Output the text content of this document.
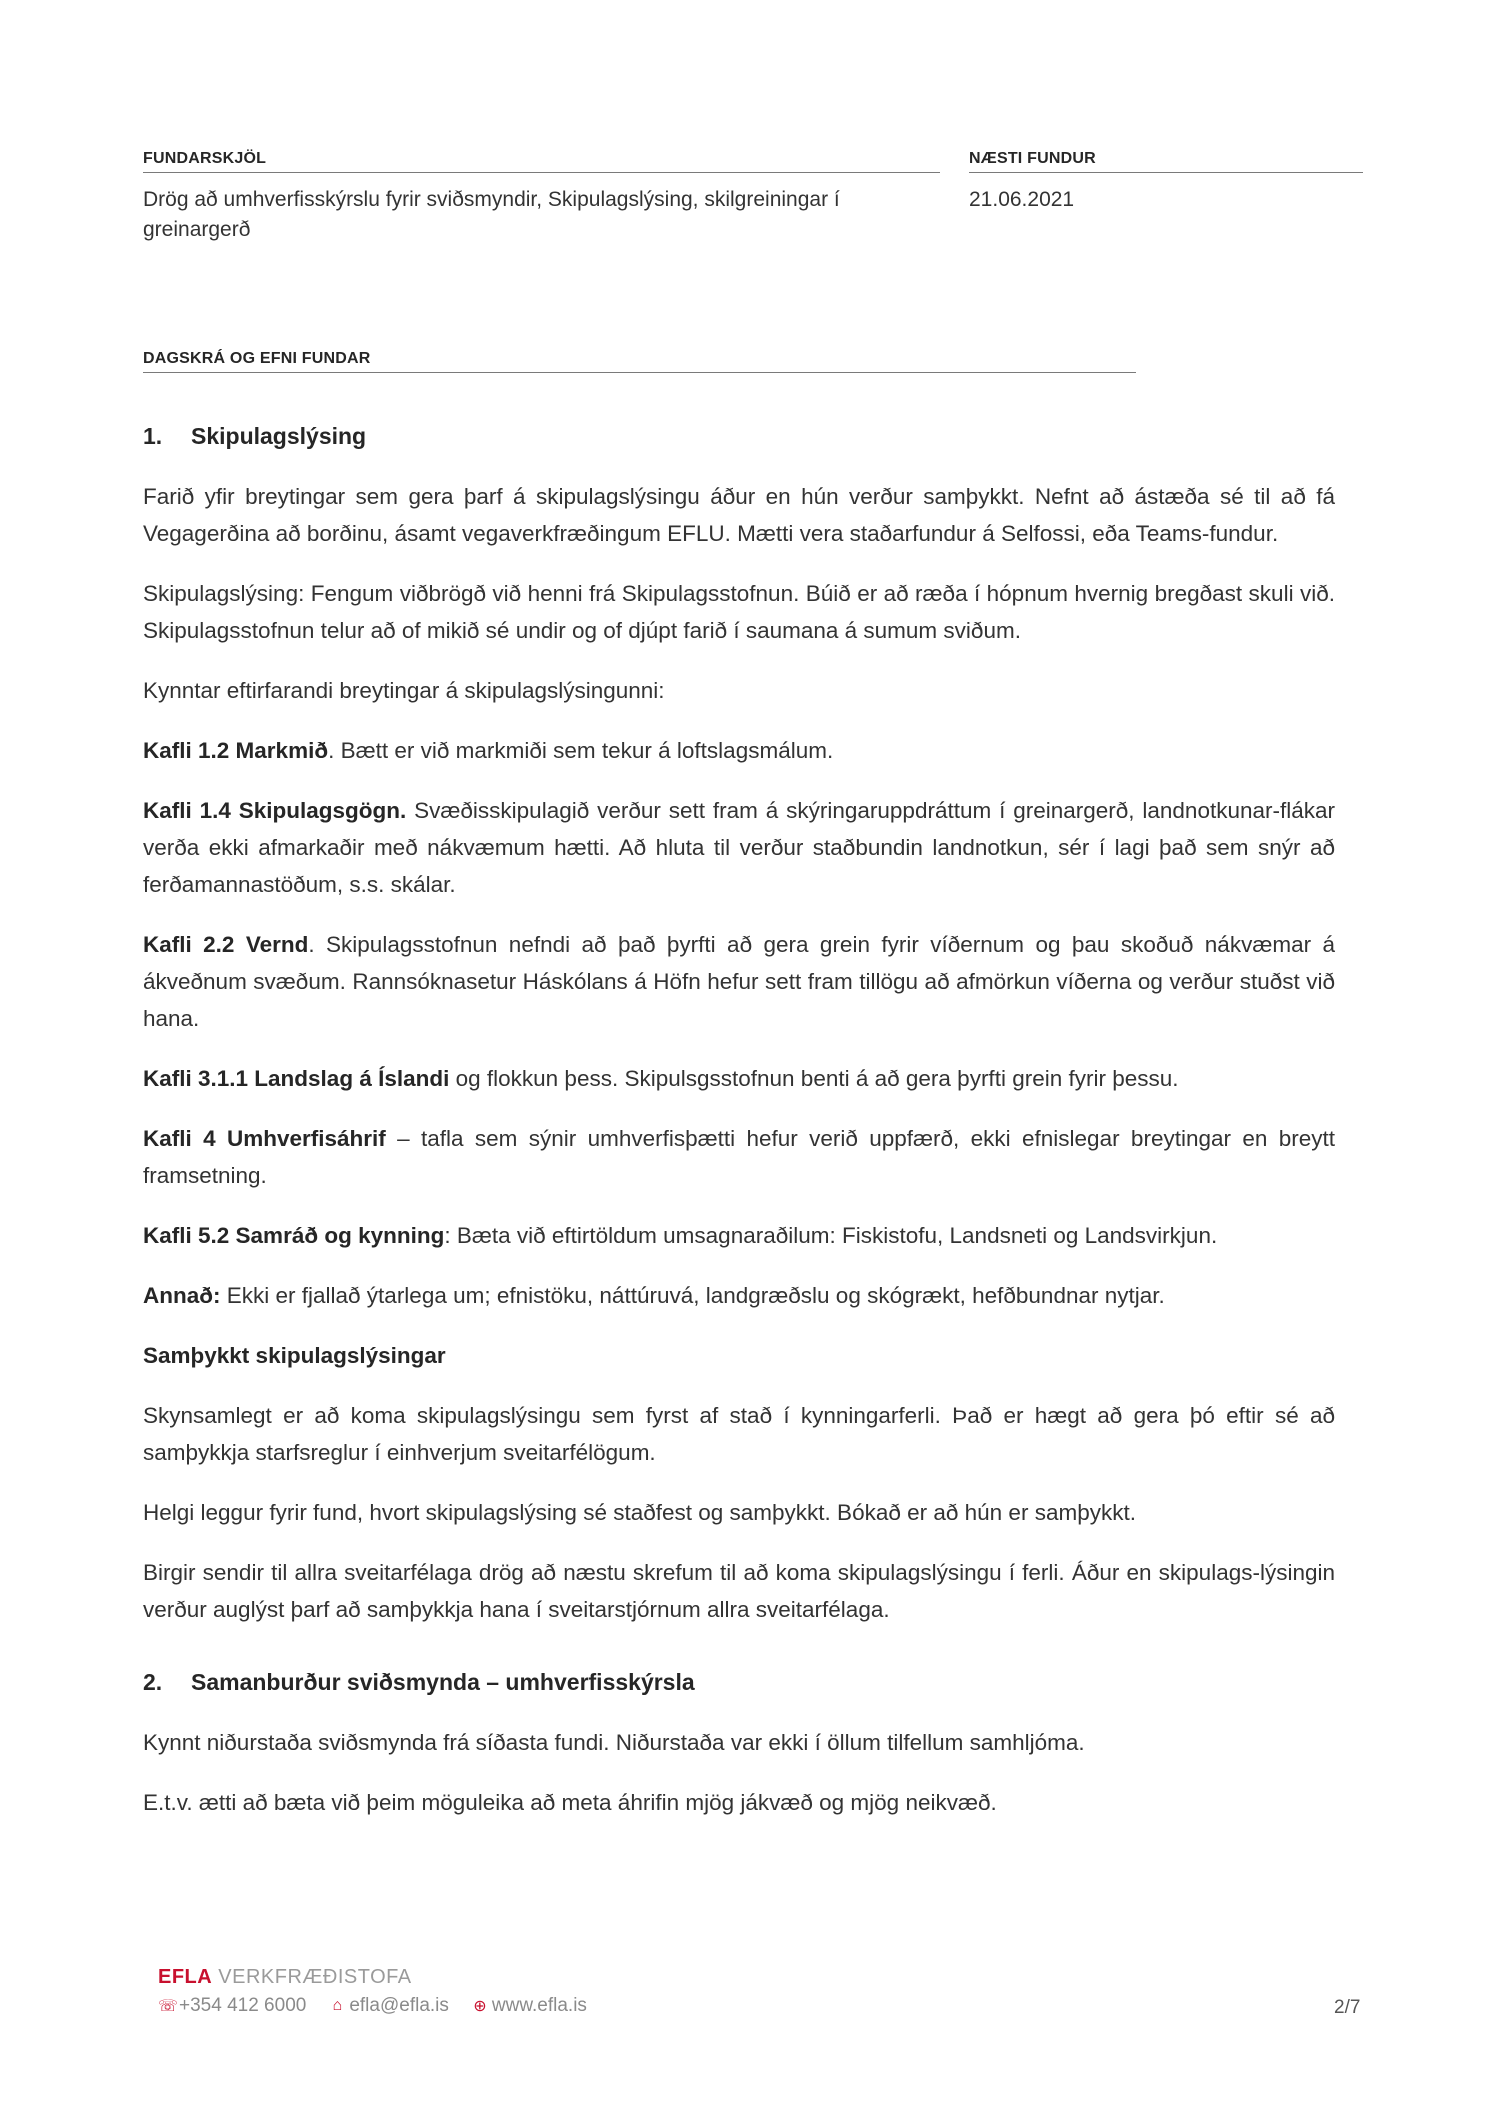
FUNDARSKJÖL
Drög að umhverfisskýrslu fyrir sviðsmyndir, Skipulagslýsing, skilgreiningar í greinargerð
NÆSTI FUNDUR
21.06.2021
DAGSKRÁ OG EFNI FUNDAR
1. Skipulagslýsing

Farið yfir breytingar sem gera þarf á skipulagslýsingu áður en hún verður samþykkt. Nefnt að ástæða sé til að fá Vegagerðina að borðinu, ásamt vegaverkfræðingum EFLU. Mætti vera staðarfundur á Selfossi, eða Teams-fundur.

Skipulagslýsing: Fengum viðbrögð við henni frá Skipulagsstofnun. Búið er að ræða í hópnum hvernig bregðast skuli við. Skipulagsstofnun telur að of mikið sé undir og of djúpt farið í saumana á sumum sviðum.

Kynntar eftirfarandi breytingar á skipulagslýsingunni:

Kafli 1.2 Markmið. Bætt er við markmiði sem tekur á loftslagsmálum.

Kafli 1.4 Skipulagsgögn. Svæðisskipulagið verður sett fram á skýringaruppdráttum í greinargerð, landnotkunar-flákar verða ekki afmarkaðir með nákvæmum hætti. Að hluta til verður staðbundin landnotkun, sér í lagi það sem snýr að ferðamannastöðum, s.s. skálar.

Kafli 2.2 Vernd. Skipulagsstofnun nefndi að það þyrfti að gera grein fyrir víðernum og þau skoðuð nákvæmar á ákveðnum svæðum. Rannsóknasetur Háskólans á Höfn hefur sett fram tillögu að afmörkun víðerna og verður stuðst við hana.

Kafli 3.1.1 Landslag á Íslandi og flokkun þess. Skipulsgsstofnun benti á að gera þyrfti grein fyrir þessu.

Kafli 4 Umhverfisáhrif – tafla sem sýnir umhverfisþætti hefur verið uppfærð, ekki efnislegar breytingar en breytt framsetning.

Kafli 5.2 Samráð og kynning: Bæta við eftirtöldum umsagnaraðilum: Fiskistofu, Landsneti og Landsvirkjun.

Annað: Ekki er fjallað ýtarlega um; efnistöku, náttúruvá, landgræðslu og skógrækt, hefðbundnar nytjar.

Samþykkt skipulagslýsingar

Skynsamlegt er að koma skipulagslýsingu sem fyrst af stað í kynningarferli. Það er hægt að gera þó eftir sé að samþykkja starfsreglur í einhverjum sveitarfélögum.

Helgi leggur fyrir fund, hvort skipulagslýsing sé staðfest og samþykkt. Bókað er að hún er samþykkt.

Birgir sendir til allra sveitarfélaga drög að næstu skrefum til að koma skipulagslýsingu í ferli. Áður en skipulags-lýsingin verður auglýst þarf að samþykkja hana í sveitarstjórnum allra sveitarfélaga.

2. Samanburður sviðsmynda – umhverfisskýrsla

Kynnt niðurstaða sviðsmynda frá síðasta fundi. Niðurstaða var ekki í öllum tilfellum samhljóma.

E.t.v. ætti að bæta við þeim möguleika að meta áhrifin mjög jákvæð og mjög neikvæð.

EFLA VERKFRÆÐISTOFA
☏ +354 412 6000 ⌂ efla@efla.is ⊕ www.efla.is	2/7
